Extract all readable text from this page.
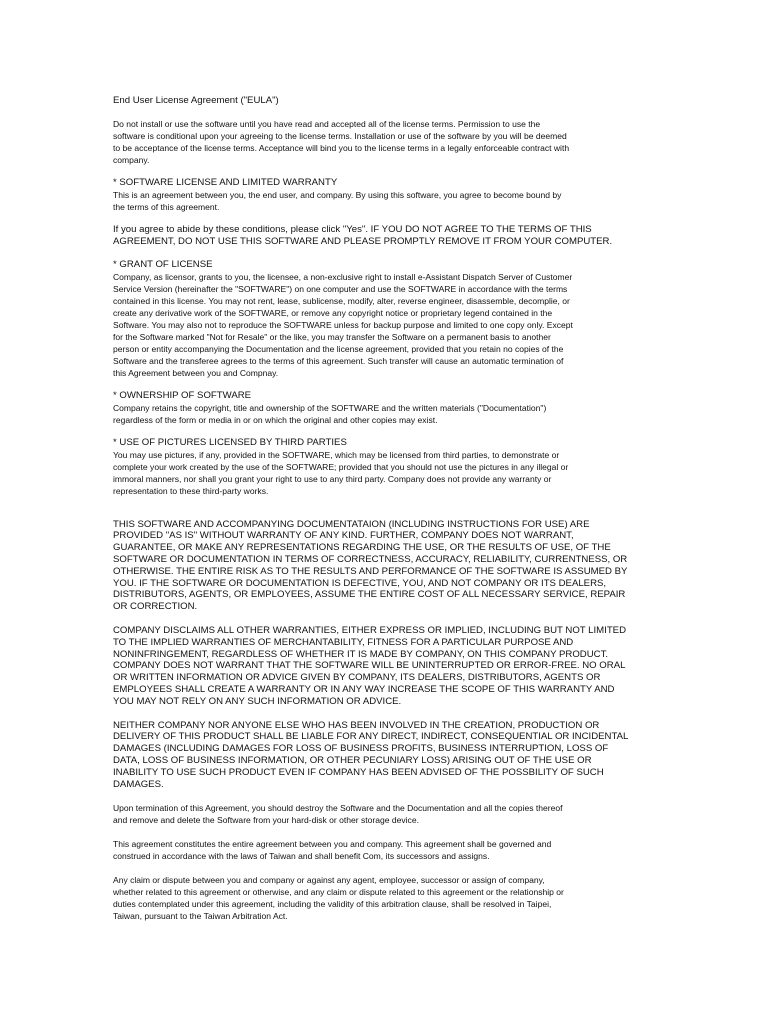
End User License Agreement ("EULA")

Do not install or use the software until you have read and accepted all of the license terms. Permission to use the
software is conditional upon your agreeing to the license terms. Installation or use of the software by you will be deemed
to be acceptance of the license terms. Acceptance will bind you to the license terms in a legally enforceable contract with
company.

* SOFTWARE LICENSE AND LIMITED WARRANTY

This is an agreement between you, the end user, and company. By using this software, you agree to become bound by
the terms of this agreement.

If you agree to abide by these conditions, please click "Yes". IF YOU DO NOT AGREE TO THE TERMS OF THIS
AGREEMENT, DO NOT USE THIS SOFTWARE AND PLEASE PROMPTLY REMOVE IT FROM YOUR COMPUTER.

* GRANT OF LICENSE

Company, as licensor, grants to you, the licensee, a non-exclusive right to install e-Assistant Dispatch Server of Customer
Service Version (hereinafter the "SOFTWARE") on one computer and use the SOFTWARE in accordance with the terms
contained in this license. You may not rent, lease, sublicense, modify, alter, reverse engineer, disassemble, decomplie, or
create any derivative work of the SOFTWARE, or remove any copyright notice or proprietary legend contained in the
Software. You may also not to reproduce the SOFTWARE unless for backup purpose and limited to one copy only. Except
for the Software marked "Not for Resale" or the like, you may transfer the Software on a permanent basis to another
person or entity accompanying the Documentation and the license agreement, provided that you retain no copies of the
Software and the transferee agrees to the terms of this agreement. Such transfer will cause an automatic termination of
this Agreement between you and Compnay.

* OWNERSHIP OF SOFTWARE

Company retains the copyright, title and ownership of the SOFTWARE and the written materials ("Documentation")
regardless of the form or media in or on which the original and other copies may exist.

* USE OF PICTURES LICENSED BY THIRD PARTIES

You may use pictures, if any, provided in the SOFTWARE, which may be licensed from third parties, to demonstrate or
complete your work created by the use of the SOFTWARE; provided that you should not use the pictures in any illegal or
immoral manners, nor shall you grant your right to use to any third party. Company does not provide any warranty or
representation to these third-party works.

THIS SOFTWARE AND ACCOMPANYING DOCUMENTATAION (INCLUDING INSTRUCTIONS FOR USE) ARE
PROVIDED "AS IS" WITHOUT WARRANTY OF ANY KIND. FURTHER, COMPANY DOES NOT WARRANT,
GUARANTEE, OR MAKE ANY REPRESENTATIONS REGARDING THE USE, OR THE RESULTS OF USE, OF THE
SOFTWARE OR DOCUMENTATION IN TERMS OF CORRECTNESS, ACCURACY, RELIABILITY, CURRENTNESS, OR
OTHERWISE. THE ENTIRE RISK AS TO THE RESULTS AND PERFORMANCE OF THE SOFTWARE IS ASSUMED BY
YOU. IF THE SOFTWARE OR DOCUMENTATION IS DEFECTIVE, YOU, AND NOT COMPANY OR ITS DEALERS,
DISTRIBUTORS, AGENTS, OR EMPLOYEES, ASSUME THE ENTIRE COST OF ALL NECESSARY SERVICE, REPAIR
OR CORRECTION.

COMPANY DISCLAIMS ALL OTHER WARRANTIES, EITHER EXPRESS OR IMPLIED, INCLUDING BUT NOT LIMITED
TO THE IMPLIED WARRANTIES OF MERCHANTABILITY, FITNESS FOR A PARTICULAR PURPOSE AND
NONINFRINGEMENT, REGARDLESS OF WHETHER IT IS MADE BY COMPANY, ON THIS COMPANY PRODUCT.
COMPANY DOES NOT WARRANT THAT THE SOFTWARE WILL BE UNINTERRUPTED OR ERROR-FREE. NO ORAL
OR WRITTEN INFORMATION OR ADVICE GIVEN BY COMPANY, ITS DEALERS, DISTRIBUTORS, AGENTS OR
EMPLOYEES SHALL CREATE A WARRANTY OR IN ANY WAY INCREASE THE SCOPE OF THIS WARRANTY AND
YOU MAY NOT RELY ON ANY SUCH INFORMATION OR ADVICE.

NEITHER COMPANY NOR ANYONE ELSE WHO HAS BEEN INVOLVED IN THE CREATION, PRODUCTION OR
DELIVERY OF THIS PRODUCT SHALL BE LIABLE FOR ANY DIRECT, INDIRECT, CONSEQUENTIAL OR INCIDENTAL
DAMAGES (INCLUDING DAMAGES FOR LOSS OF BUSINESS PROFITS, BUSINESS INTERRUPTION, LOSS OF
DATA, LOSS OF BUSINESS INFORMATION, OR OTHER PECUNIARY LOSS) ARISING OUT OF THE USE OR
INABILITY TO USE SUCH PRODUCT EVEN IF COMPANY HAS BEEN ADVISED OF THE POSSBILITY OF SUCH
DAMAGES.

Upon termination of this Agreement, you should destroy the Software and the Documentation and all the copies thereof
and remove and delete the Software from your hard-disk or other storage device.

This agreement constitutes the entire agreement between you and company. This agreement shall be governed and
construed in accordance with the laws of Taiwan and shall benefit Com, its successors and assigns.

Any claim or dispute between you and company or against any agent, employee, successor or assign of company,
whether related to this agreement or otherwise, and any claim or dispute related to this agreement or the relationship or
duties contemplated under this agreement, including the validity of this arbitration clause, shall be resolved in Taipei,
Taiwan, pursuant to the Taiwan Arbitration Act.
